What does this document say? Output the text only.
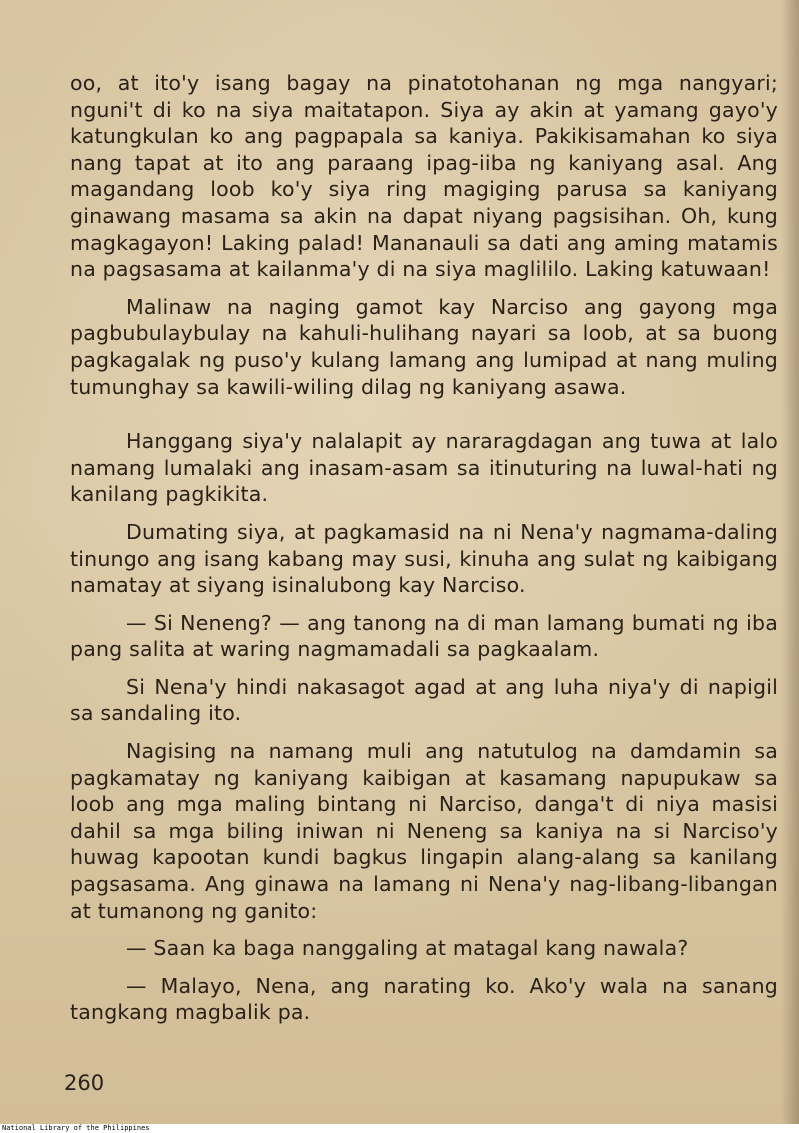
oo, at ito'y isang bagay na pinatotohanan ng mga nangyari; nguni't di ko na siya maitatapon. Siya ay akin at yamang gayo'y katungkulan ko ang pagpapala sa kaniya. Pakikisamahan ko siya nang tapat at ito ang paraang ipag-iiba ng kaniyang asal. Ang magandang loob ko'y siya ring magiging parusa sa kaniyang ginawang masama sa akin na dapat niyang pagsisihan. Oh, kung magkagayon! Laking palad! Mananauli sa dati ang aming matamis na pagsasama at kailanma'y di na siya maglililo. Laking katuwaan!

Malinaw na naging gamot kay Narciso ang gayong mga pagbubulaybulay na kahuli-hulihang nayari sa loob, at sa buong pagkagalak ng puso'y kulang lamang ang lumipad at nang muling tumunghay sa kawili-wiling dilag ng kaniyang asawa.

Hanggang siya'y nalalapit ay nararagdagan ang tuwa at lalo namang lumalaki ang inasam-asam sa itinuturing na luwal-hati ng kanilang pagkikita.

Dumating siya, at pagkamasid na ni Nena'y nagmama-daling tinungo ang isang kabang may susi, kinuha ang sulat ng kaibigang namatay at siyang isinalubong kay Narciso.

— Si Neneng? — ang tanong na di man lamang bumati ng iba pang salita at waring nagmamadali sa pagkaalam.

Si Nena'y hindi nakasagot agad at ang luha niya'y di napigil sa sandaling ito.

Nagising na namang muli ang natutulog na damdamin sa pagkamatay ng kaniyang kaibigan at kasamang napupukaw sa loob ang mga maling bintang ni Narciso, danga't di niya masisi dahil sa mga biling iniwan ni Neneng sa kaniya na si Narciso'y huwag kapootan kundi bagkus lingapin alang-alang sa kanilang pagsasama. Ang ginawa na lamang ni Nena'y nag-libang-libangan at tumanong ng ganito:

— Saan ka baga nanggaling at matagal kang nawala?

— Malayo, Nena, ang narating ko. Ako'y wala na sanang tangkang magbalik pa.

260
National Library of the Philippines
